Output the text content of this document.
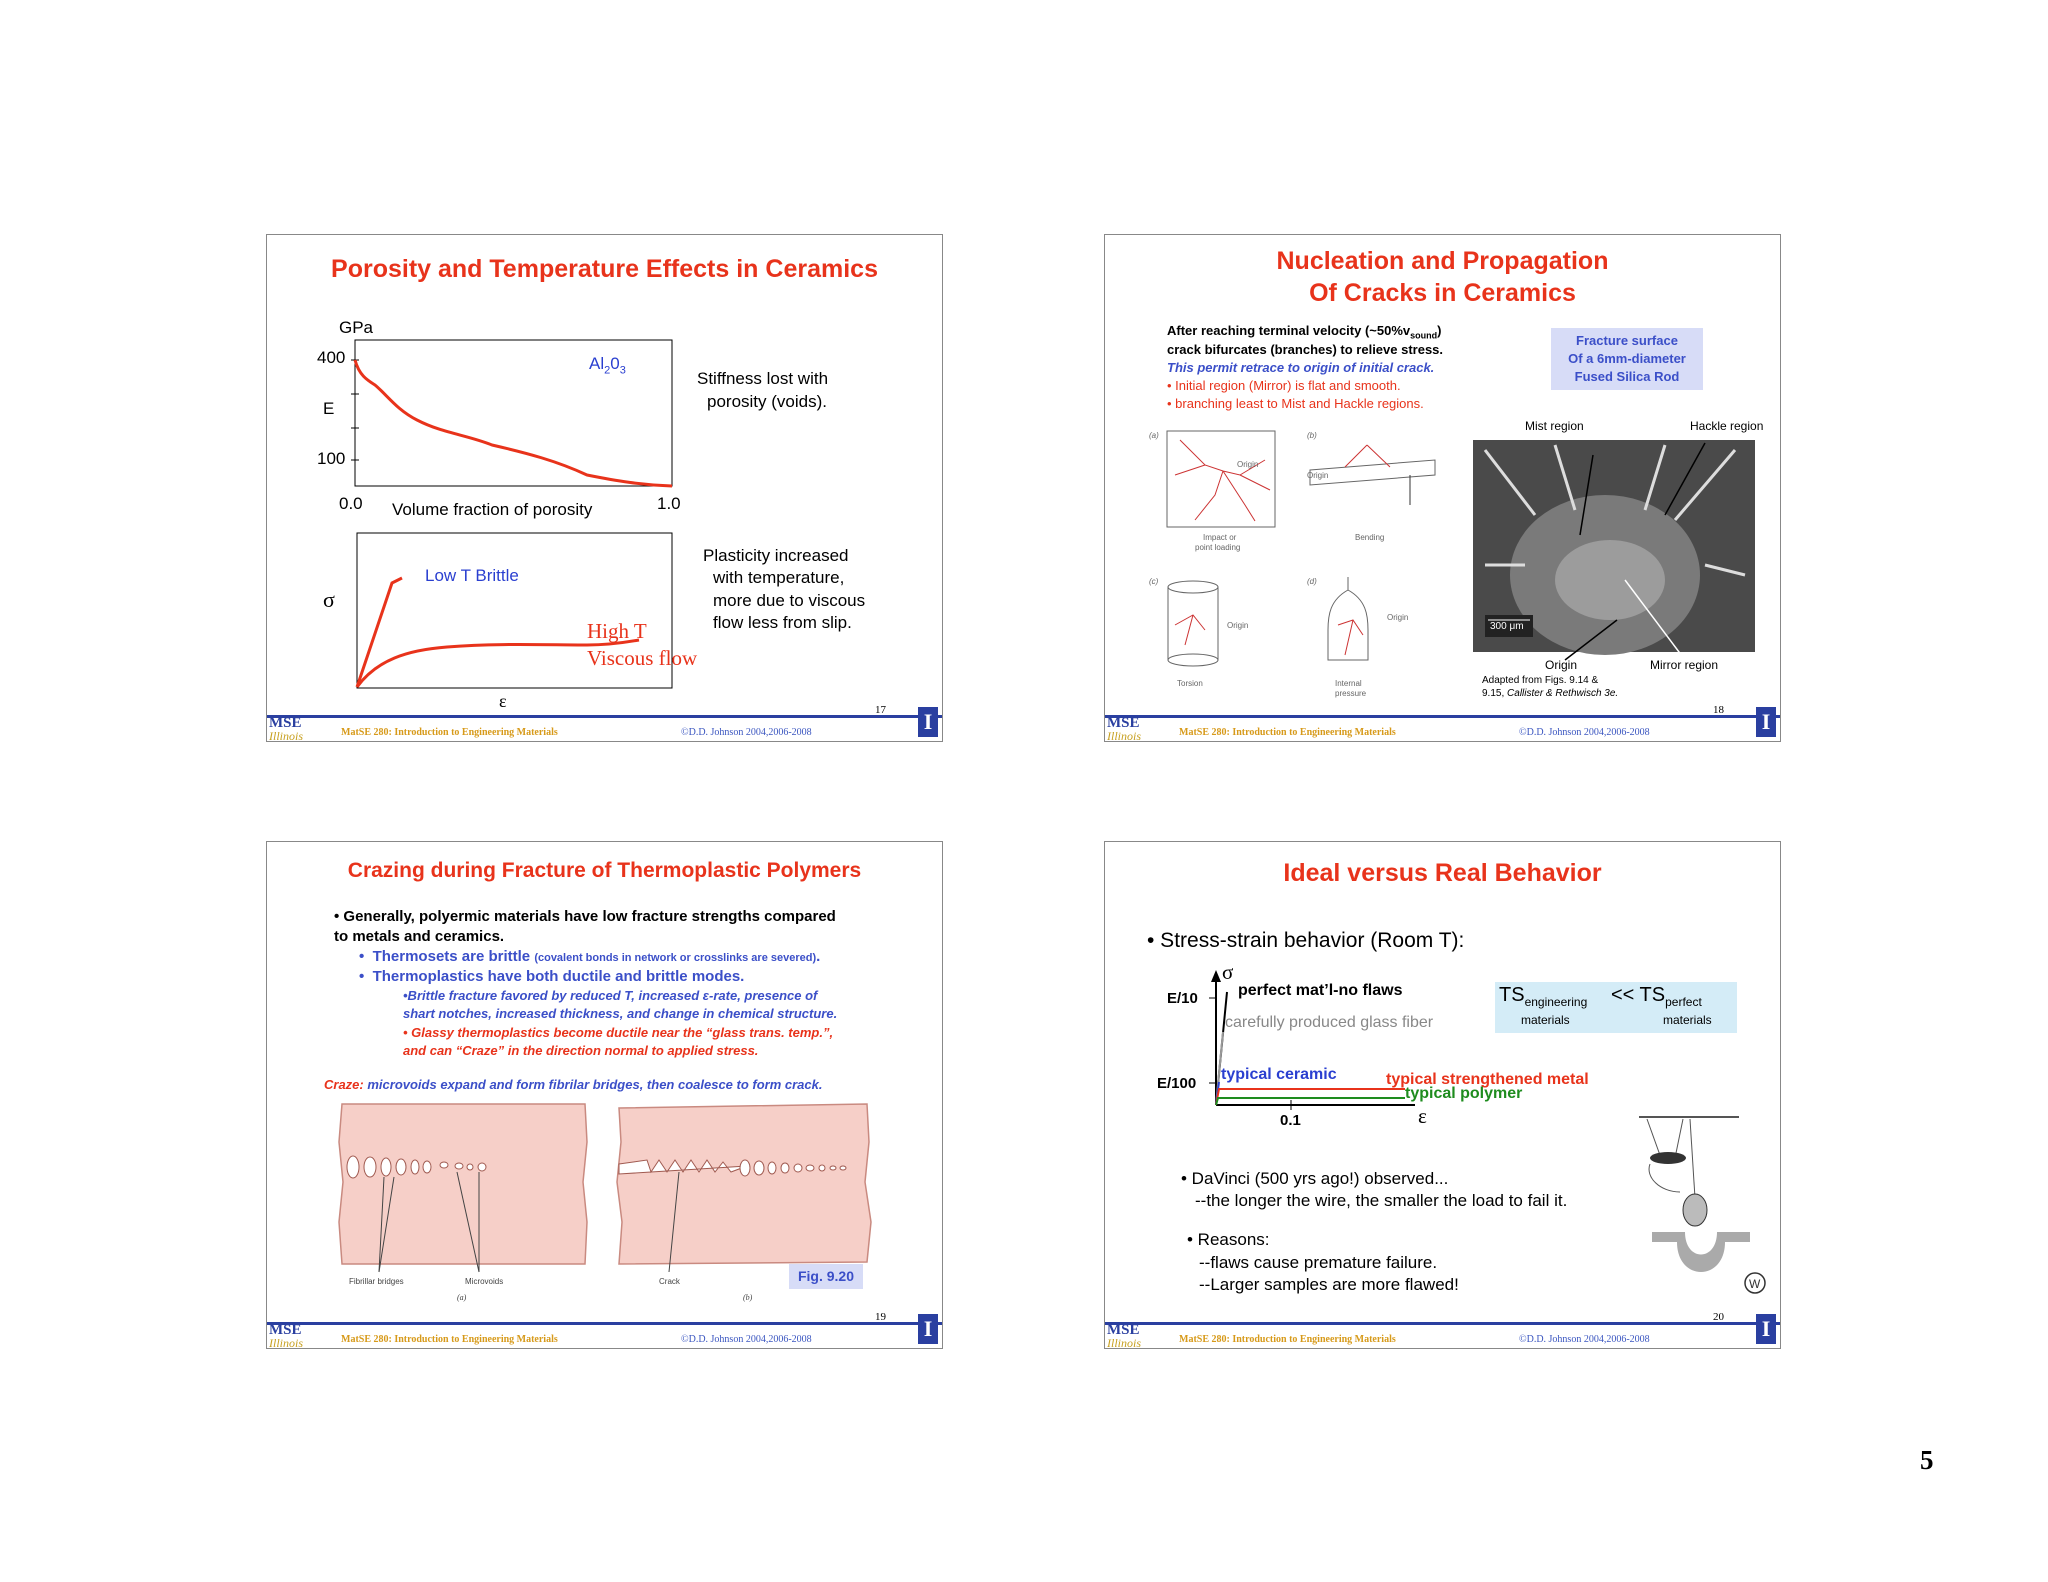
Porosity and Temperature Effects in Ceramics
GPa
400
E
100
0.0	1.0
Volume fraction of porosity
$Al_20_3$	Stiffness lost with
porosity (voids).
σ
ε
Low T Brittle
High T
Viscous flow
Plasticity increased
with temperature,
more due to viscous
flow less from slip.
MSE
Illinois	MatSE 280: Introduction to Engineering Materials	©D.D. Johnson 2004,2006-2008
17 I
Nucleation and Propagation
Of Cracks in Ceramics
After reaching terminal velocity $(\sim 50\%v_{sound})$
crack bifurcates (branches) to relieve stress.
This permit retrace to origin of initial crack.
• Initial region (Mirror) is flat and smooth.
• branching least to Mist and Hackle regions.
Fracture surface
Of a 6mm-diameter
Fused Silica Rod
(a)	(b)
(c)	(d)
Origin
Origin
Impact or
point loading
Bending
Origin
Origin
Torsion	Internal
pressure
Mist region	Hackle region
300 μm
Origin	Mirror region
Adapted from Figs. 9.14 &
9.15, Callister & Rethwisch 3e.
MSE
Illinois	MatSE 280: Introduction to Engineering Materials	©D.D. Johnson 2004,2006-2008
18 I
Crazing during Fracture of Thermoplastic Polymers
• Generally, polyermic materials have low fracture strengths compared
to metals and ceramics.
•  Thermosets are brittle (covalent bonds in network or crosslinks are severed).
•  Thermoplastics have both ductile and brittle modes.
•Brittle fracture favored by reduced T, increased ε-rate, presence of
shart notches, increased thickness, and change in chemical structure.
• Glassy thermoplastics become ductile near the “glass trans. temp.”,
and can “Craze” in the direction normal to applied stress.
Craze: microvoids expand and form fibrilar bridges, then coalesce to form crack.
Fibrillar bridges	Microvoids	Crack
(a)	(b)
Fig. 9.20
MSE
Illinois	MatSE 280: Introduction to Engineering Materials	©D.D. Johnson 2004,2006-2008
19 I
Ideal versus Real Behavior
• Stress-strain behavior (Room T):
σ
E/10
E/100
perfect mat’l-no flaws
carefully produced glass fiber
typical ceramic	typical strengthened metal
typical polymer
0.1	ε
$TS_{engineering} << TS_{perfect}$
materials	materials
• DaVinci (500 yrs ago!) observed...
--the longer the wire, the smaller the load to fail it.
• Reasons:
--flaws cause premature failure.
--Larger samples are more flawed!	W
MSE
Illinois	MatSE 280: Introduction to Engineering Materials	©D.D. Johnson 2004,2006-2008
20 I
5
